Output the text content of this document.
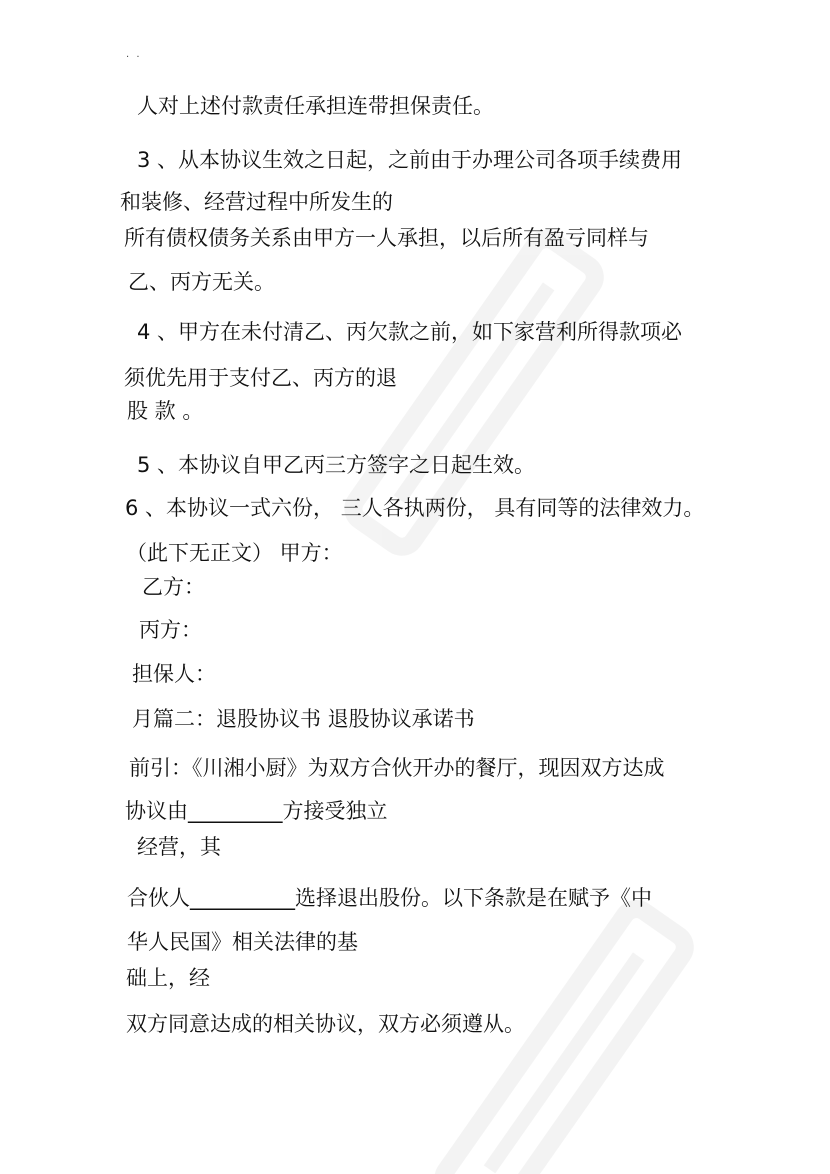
· ·
人对上述付款责任承担连带担保责任。
3 、从本协议生效之日起，之前由于办理公司各项手续费用
和装修、经营过程中所发生的
所有债权债务关系由甲方一人承担，以后所有盈亏同样与
乙、丙方无关。
4 、甲方在未付清乙、丙欠款之前，如下家营利所得款项必
须优先用于支付乙、丙方的退
股 款 。
5 、本协议自甲乙丙三方签字之日起生效。
6 、本协议一式六份， 三人各执两份， 具有同等的法律效力。
（此下无正文） 甲方：
乙方：
丙方：
担保人：
月篇二：退股协议书 退股协议承诺书
前引：《川湘小厨》为双方合伙开办的餐厅，现因双方达成
协议由_________方接受独立
经营，其
合伙人__________选择退出股份。以下条款是在赋予《中
华人民国》相关法律的基
础上，经
双方同意达成的相关协议，双方必须遵从。
